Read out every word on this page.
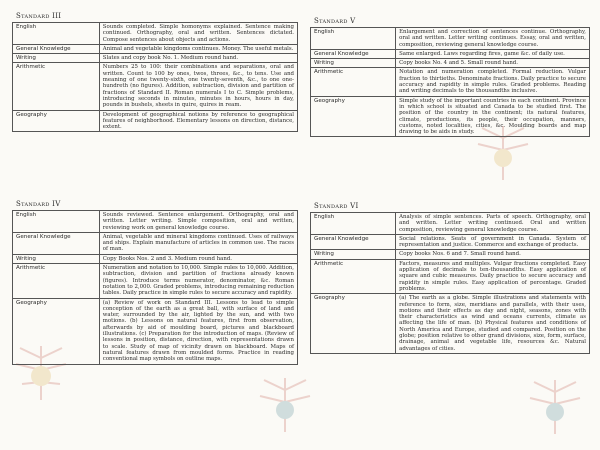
Standard III
English	Sounds completed. Simple homonyms explained. Sentence making continued. Orthography, oral and written. Sentences dictated. Compose sentences about objects and actions.
General Knowledge	Animal and vegetable kingdoms continues. Money. The useful metals.
Writing	Slates and copy book No. 1. Medium round hand.
Arithmetic	Numbers 25 to 100: their combinations and separations, oral and written. Count to 100 by ones, twos, threes, &c., to tens. Use and meaning of one twenty-sixth, one twenty-seventh, &c., to one one-hundreth (no figures). Addition, subtraction, division and partition of fractions of Standard II. Roman numerals I to C. Simple problems, introducing seconds in minutes, minutes in hours, hours in day, pounds in bushels, sheets in quire, quires in ream.
Geography	Development of geographical notions by reference to geographical features of neighborhood. Elementary lessons on direction, distance, extent.
Standard V
English	Enlargement and correction of sentences continue. Orthography, oral and written. Letter writing continues. Essay, oral and written, composition, reviewing general knowledge course.
General Knowledge	Same enlarged. Laws regarding fires, game &c. of daily use.
Writing	Copy books No. 4 and 5. Small round hand.
Arithmetic	Notation and numeration completed. Formal reduction. Vulgar fraction to thirtieths. Denominate fractions. Daily practice to secure accuracy and rapidity in simple rules. Graded problems. Reading and writing decimals to the thousandths inclusive.
Geography	Simple study of the important countries in each continent. Province in which school is situated and Canada to be studied first. The position of the country in the continent; its natural features, climate, productions, its people, their occupation, manners, customs, noted localities, cities, &c. Moulding boards and map drawing to be aids in study.
Standard IV
English	Sounds reviewed. Sentence enlargement. Orthography, oral and written. Letter writing. Simple composition, oral and written, reviewing work on general knowledge course.
General Knowledge	Animal, vegetable and mineral kingdoms continued. Uses of railways and ships. Explain manufacture of articles in common use. The races of man.
Writing	Copy Books Nos. 2 and 3. Medium round hand.
Arithmetic	Numeration and notation to 10,000. Simple rules to 10,000. Addition, subtraction, division and partition of fractions already known (figures). Introduce terms numerator, denominator, &c. Roman notation to 2,000. Graded problems, introducing remaining reduction tables. Daily practice in simple rules to secure accuracy and rapidity.
Geography	(a) Review of work on Standard III. Lessons to lead to simple conception of the earth as a great ball, with surface of land and water, surrounded by the air, lighted by the sun, and with two motions. (b) Lessons on natural features, first from observation, afterwards by aid of moulding board, pictures and blackboard illustrations. (c) Preparation for the introduction of maps. (Review of lessons in position, distance, direction, with representations drawn to scale. Study of map of vicinity drawn on blackboard. Maps of natural features drawn from moulded forms. Practice in reading conventional map symbols on outline maps.
Standard VI
English	Analysis of simple sentences. Parts of speech. Orthography, oral and written. Letter writing continued. Oral and written composition, reviewing general knowledge course.
General Knowledge	Social relations. Seats of government in Canada. System of representation and justice. Commerce and exchange of products.
Writing	Copy books Nos. 6 and 7. Small round hand.
Arithmetic	Factors, measures and multiples. Vulgar fractions completed. Easy application of decimals to ten-thousandths. Easy application of square and cubic measures. Daily practice to secure accuracy and rapidity in simple rules. Easy application of percentage. Graded problems.
Geography	(a) The earth as a globe. Simple illustrations and statements with reference to form, size, meridians and parallels, with their uses, motions and their effects as day and night, seasons, zones with their characteristics as wind and oceans currents, climate as affecting the life of man. (b) Physical features and conditions of North America and Europe, studied and compared. Position on the globe; position relative to other grand divisions, size, form, surface, drainage, animal and vegetable life, resources &c. Natural advantages of cities.
